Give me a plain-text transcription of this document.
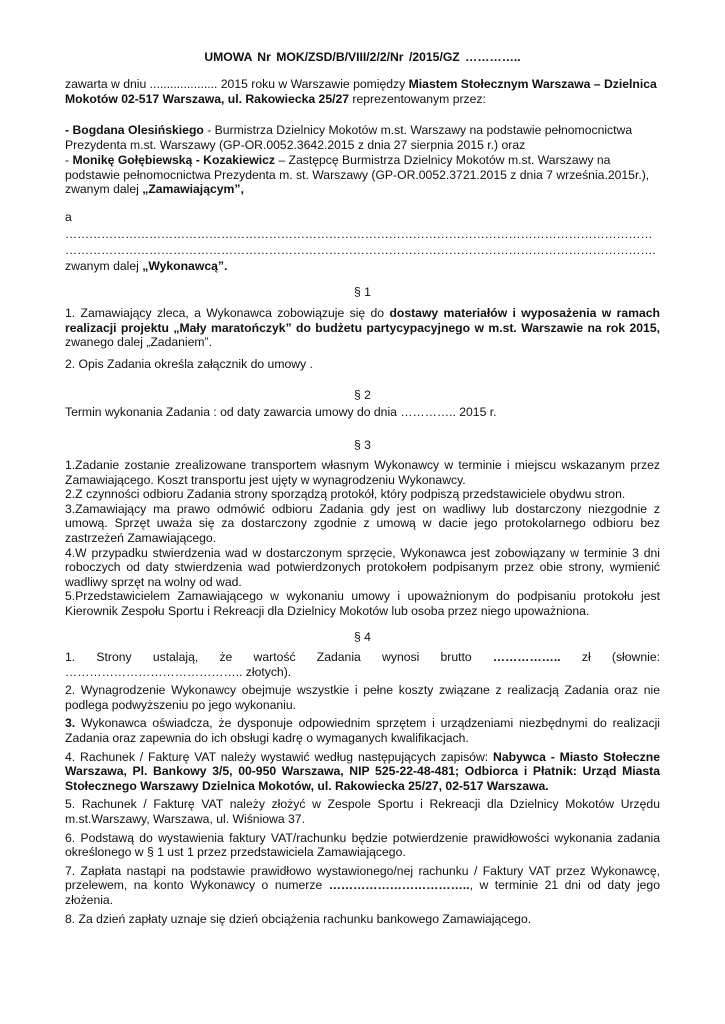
UMOWA Nr MOK/ZSD/B/VIII/2/2/Nr /2015/GZ …………..
zawarta w dniu .................... 2015 roku w Warszawie pomiędzy Miastem Stołecznym Warszawa – Dzielnica Mokotów 02-517 Warszawa, ul. Rakowiecka 25/27 reprezentowanym przez:
- Bogdana Olesińskiego - Burmistrza Dzielnicy Mokotów m.st. Warszawy na podstawie pełnomocnictwa Prezydenta m.st. Warszawy (GP-OR.0052.3642.2015 z dnia 27 sierpnia 2015 r.) oraz
- Monikę Gołębiewską - Kozakiewicz – Zastępcę Burmistrza Dzielnicy Mokotów m.st. Warszawy na podstawie pełnomocnictwa Prezydenta m. st. Warszawy (GP-OR.0052.3721.2015 z dnia 7 września.2015r.), zwanym dalej „Zamawiającym”,

a

…………………………………………………………………………………………………………………………………

………………………………………………………………………………………………………………………………….

zwanym dalej „Wykonawcą”.

§ 1
1. Zamawiający zleca, a Wykonawca zobowiązuje się do dostawy materiałów i wyposażenia w ramach realizacji projektu „Mały maratończyk” do budżetu partycypacyjnego w m.st. Warszawie na rok 2015, zwanego dalej „Zadaniem”.
2. Opis Zadania określa załącznik do umowy .
§ 2
Termin wykonania Zadania : od daty zawarcia umowy do dnia ………….. 2015 r.
§ 3

1.Zadanie zostanie zrealizowane transportem własnym Wykonawcy w terminie i miejscu wskazanym przez Zamawiającego. Koszt transportu jest ujęty w wynagrodzeniu Wykonawcy.

2.Z czynności odbioru Zadania strony sporządzą protokół, który podpiszą przedstawiciele obydwu stron.

3.Zamawiający ma prawo odmówić odbioru Zadania gdy jest on wadliwy lub dostarczony niezgodnie z umową. Sprzęt uważa się za dostarczony zgodnie z umową w dacie jego protokolarnego odbioru bez zastrzeżeń Zamawiającego.

4.W przypadku stwierdzenia wad w dostarczonym sprzęcie, Wykonawca jest zobowiązany w terminie 3 dni roboczych od daty stwierdzenia wad potwierdzonych protokołem podpisanym przez obie strony, wymienić wadliwy sprzęt na wolny od wad.

5.Przedstawicielem Zamawiającego w wykonaniu umowy i upoważnionym do podpisaniu protokołu jest Kierownik Zespołu Sportu i Rekreacji dla Dzielnicy Mokotów lub osoba przez niego upoważniona.

§ 4

1. Strony ustalają, że wartość Zadania wynosi brutto …………….. zł (słownie: …………………………………….. złotych).

2. Wynagrodzenie Wykonawcy obejmuje wszystkie i pełne koszty związane z realizacją Zadania oraz nie podlega podwyższeniu po jego wykonaniu.

3. Wykonawca oświadcza, że dysponuje odpowiednim sprzętem i urządzeniami niezbędnymi do realizacji Zadania oraz zapewnia do ich obsługi kadrę o wymaganych kwalifikacjach.

4. Rachunek / Fakturę VAT należy wystawić według następujących zapisów: Nabywca - Miasto Stołeczne Warszawa, Pl. Bankowy 3/5, 00-950 Warszawa, NIP 525-22-48-481; Odbiorca i Płatnik: Urząd Miasta Stołecznego Warszawy Dzielnica Mokotów, ul. Rakowiecka 25/27, 02-517 Warszawa.

5. Rachunek / Fakturę VAT należy złożyć w Zespole Sportu i Rekreacji dla Dzielnicy Mokotów Urzędu m.st.Warszawy, Warszawa, ul. Wiśniowa 37.

6. Podstawą do wystawienia faktury VAT/rachunku będzie potwierdzenie prawidłowości wykonania zadania określonego w § 1 ust 1 przez przedstawiciela Zamawiającego.

7. Zapłata nastąpi na podstawie prawidłowo wystawionego/nej rachunku / Faktury VAT przez Wykonawcę, przelewem, na konto Wykonawcy o numerze …………………………….., w terminie 21 dni od daty jego złożenia.

8. Za dzień zapłaty uznaje się dzień obciążenia rachunku bankowego Zamawiającego.
